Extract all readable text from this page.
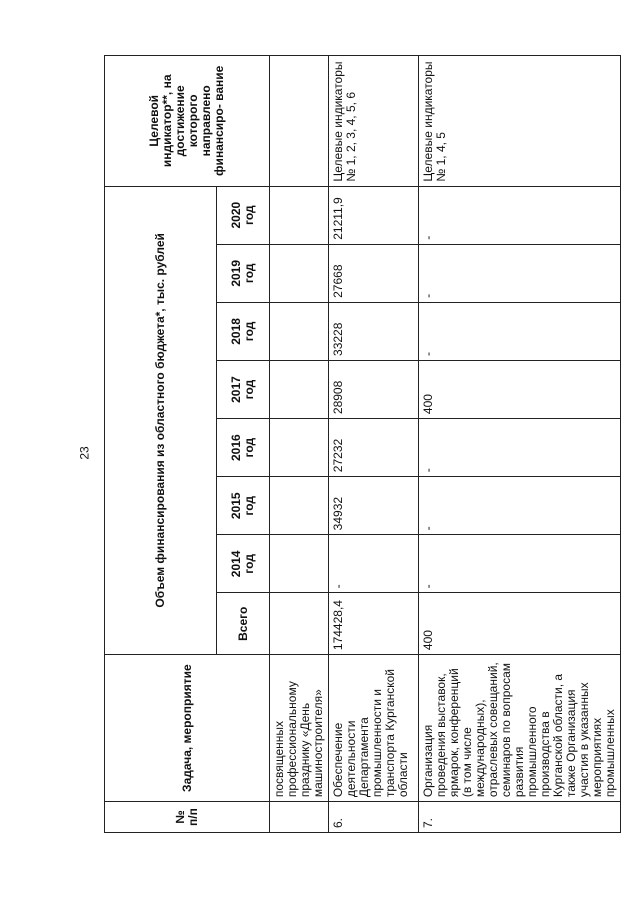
23
№ п/п	Задача, мероприятие	Объем финансирования из областного бюджета*, тыс. рублей								Целевой индикатор**, на достижение которого направлено финансиро- вание
		Всего	2014 год	2015 год	2016 год	2017 год	2018 год	2019 год	2020 год	
	посвященных профессиональному празднику «День машиностроителя»									
6.	Обеспечение деятельности Департамента промышленности и транспорта Курганской области	174428,4	-	34932	27232	28908	33228	27668	21211,9	Целевые индикаторы № 1, 2, 3, 4, 5, 6
7.	Организация проведения выставок, ярмарок, конференций (в том числе международных), отраслевых совещаний, семинаров по вопросам развития промышленного производства в Курганской области, а также Организация участия в указанных мероприятиях промышленных	400	-	-	-	400	-	-	-	Целевые индикаторы № 1, 4, 5
